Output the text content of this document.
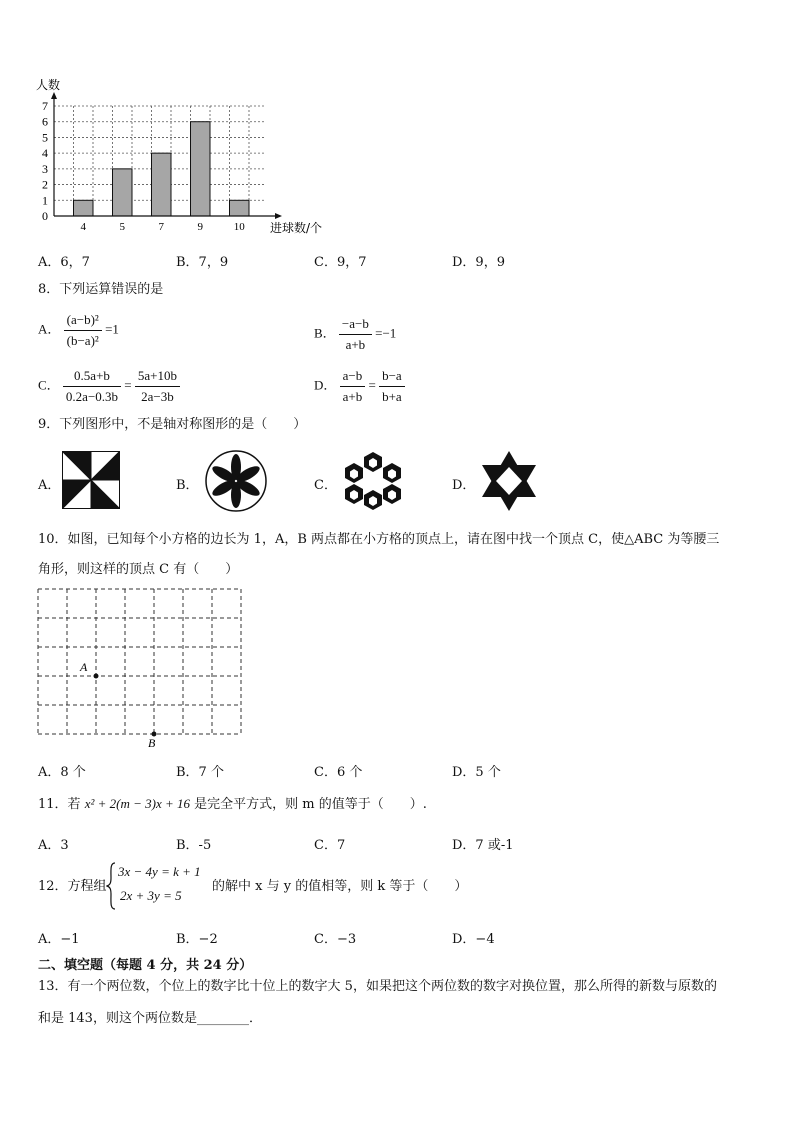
4	5	7	9	10
0
1
2
3
4
5
6
7
人数
进球数/个
A．6，7	B．7，9	C．9，7	D．9，9
8．下列运算错误的是
A． $\frac{\text{(a−b)²}}{\text{(b−a)²}} =1$	B． $\frac{-a-b}{a+b} =-1$
C． $\frac{0.5a+b}{0.2a-0.3b} = \frac{5a+10b}{2a-3b}$	D． $\frac{a-b}{a+b} = \frac{b-a}{b+a}$
9．下列图形中，不是轴对称图形的是（　　）
A．	B．	C．	D．
10．如图，已知每个小方格的边长为 1，A，B 两点都在小方格的顶点上，请在图中找一个顶点 C，使△ABC 为等腰三
角形，则这样的顶点 C 有（　　）
A
B
A．8 个	B．7 个	C．6 个	D．5 个
11．若 x² + 2(m − 3)x + 16 是完全平方式，则 m 的值等于（　　）.
A．3	B．-5	C．7	D．7 或-1
12．方程组
3x − 4y = k + 1
2x + 3y = 5
的解中 x 与 y 的值相等，则 k 等于（　　）
A．−1	B．−2	C．−3	D．−4
二、填空题（每题 4 分，共 24 分）
13．有一个两位数，个位上的数字比十位上的数字大 5，如果把这个两位数的数字对换位置，那么所得的新数与原数的
和是 143，则这个两位数是________．
